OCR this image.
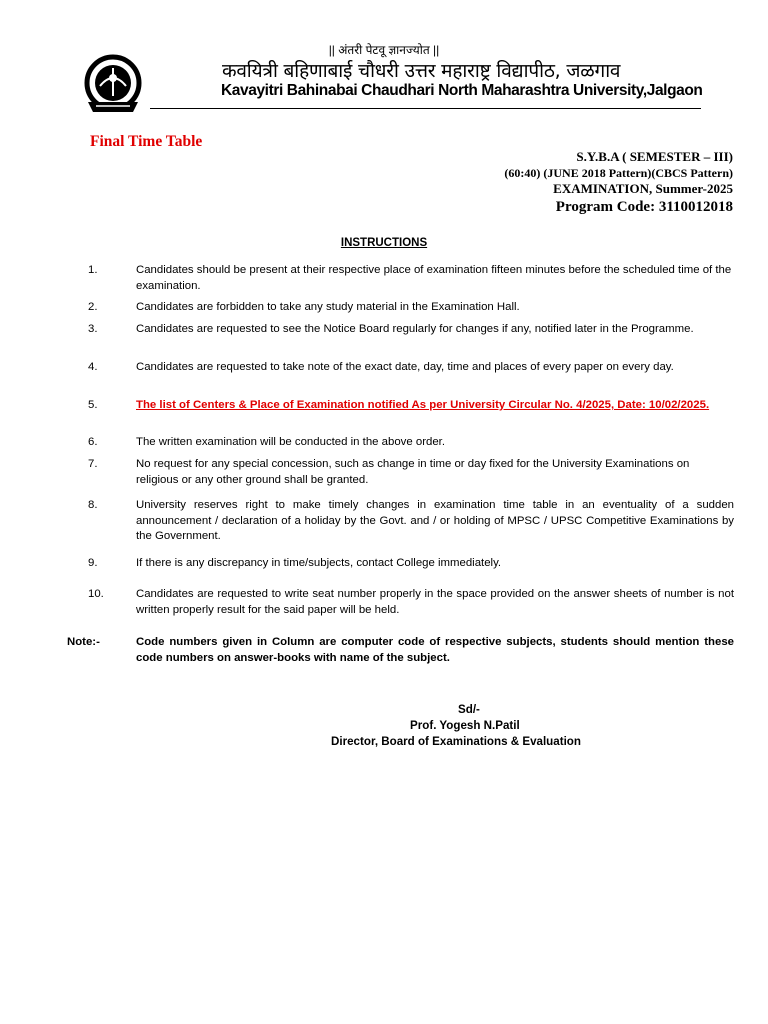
|| अंतरी पेटवू ज्ञानज्योत ||
कवयित्री बहिणाबाई चौधरी उत्तर महाराष्ट्र विद्यापीठ, जळगाव
Kavayitri Bahinabai Chaudhari North Maharashtra University,Jalgaon
Final Time Table
S.Y.B.A ( SEMESTER – III)
(60:40) (JUNE 2018 Pattern)(CBCS Pattern)
EXAMINATION, Summer-2025
Program Code: 3110012018
INSTRUCTIONS
1.	Candidates should be present at their respective place of examination fifteen minutes before the scheduled time of the examination.
2.	Candidates are forbidden to take any study material in the Examination Hall.
3.	Candidates are requested to see the Notice Board regularly for changes if any, notified later in the Programme.
4.	Candidates are requested to take note of the exact date, day, time and places of every paper on every day.
5.	The list of Centers & Place of Examination notified As per University Circular No. 4/2025, Date: 10/02/2025.
6.	The written examination will be conducted in the above order.
7.	No request for any special concession, such as change in time or day fixed for the University Examinations on religious or any other ground shall be granted.
8.	University reserves right to make timely changes in examination time table in an eventuality of a sudden announcement / declaration of a holiday by the Govt. and / or holding of MPSC / UPSC Competitive Examinations by the Government.
9.	If there is any discrepancy in time/subjects, contact College immediately.
10.	Candidates are requested to write seat number properly in the space provided on the answer sheets of number is not written properly result for the said paper will be held.
Note:-	Code numbers given in Column are computer code of respective subjects, students should mention these code numbers on answer-books with name of the subject.
Sd/-
Prof. Yogesh N.Patil
Director, Board of Examinations & Evaluation
